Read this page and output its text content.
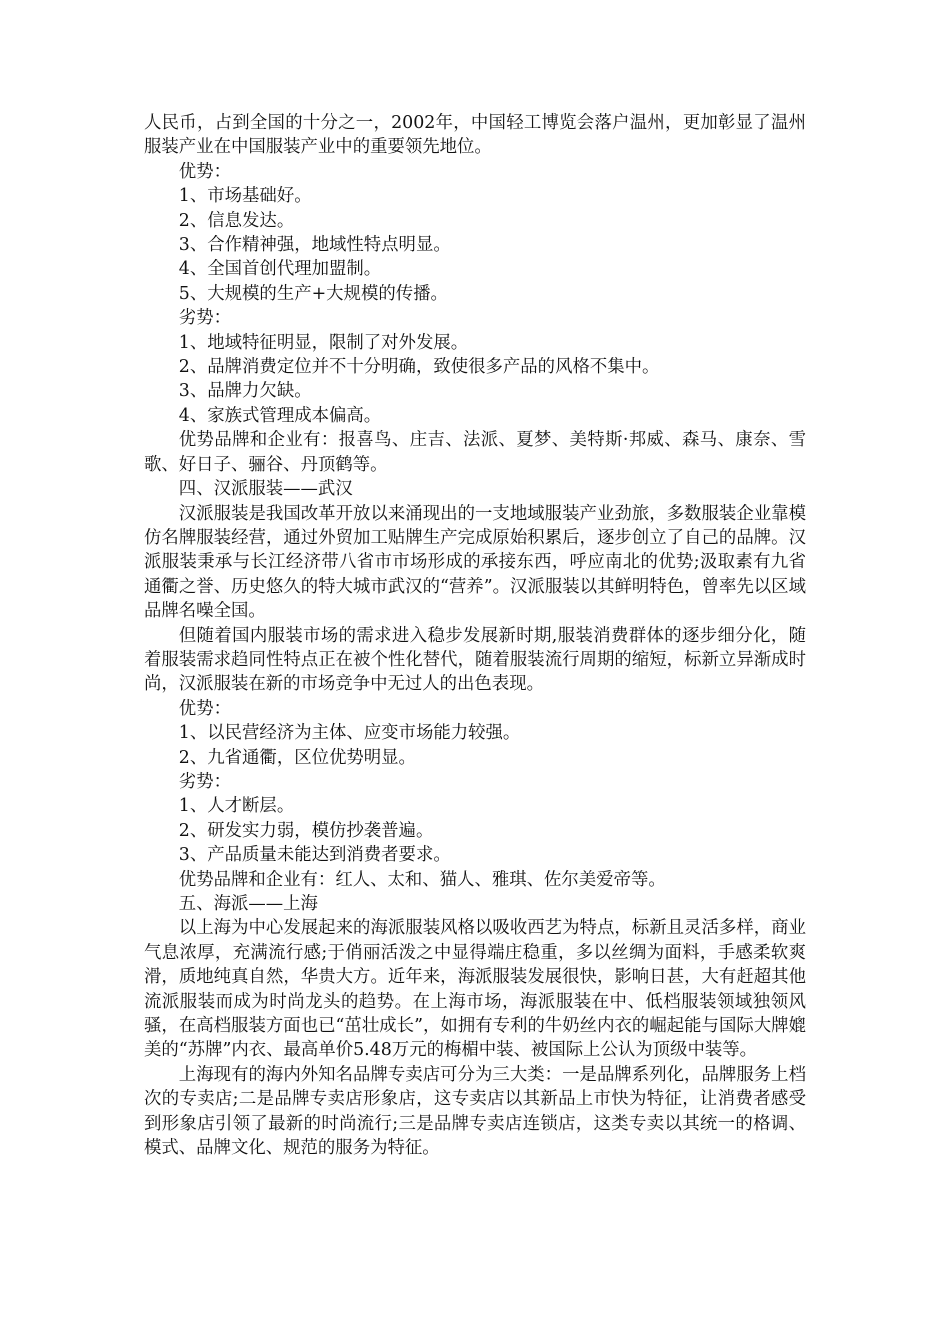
人民币，占到全国的十分之一，2002年，中国轻工博览会落户温州，更加彰显了温州服装产业在中国服装产业中的重要领先地位。

优势：

1、市场基础好。

2、信息发达。

3、合作精神强，地域性特点明显。

4、全国首创代理加盟制。

5、大规模的生产+大规模的传播。

劣势：

1、地域特征明显，限制了对外发展。

2、品牌消费定位并不十分明确，致使很多产品的风格不集中。

3、品牌力欠缺。

4、家族式管理成本偏高。

优势品牌和企业有：报喜鸟、庄吉、法派、夏梦、美特斯·邦威、森马、康奈、雪歌、好日子、骊谷、丹顶鹤等。

四、汉派服装——武汉

汉派服装是我国改革开放以来涌现出的一支地域服装产业劲旅，多数服装企业靠模仿名牌服装经营，通过外贸加工贴牌生产完成原始积累后，逐步创立了自己的品牌。汉派服装秉承与长江经济带八省市市场形成的承接东西，呼应南北的优势;汲取素有九省通衢之誉、历史悠久的特大城市武汉的“营养”。汉派服装以其鲜明特色，曾率先以区域品牌名噪全国。

但随着国内服装市场的需求进入稳步发展新时期,服装消费群体的逐步细分化，随着服装需求趋同性特点正在被个性化替代，随着服装流行周期的缩短，标新立异渐成时尚，汉派服装在新的市场竞争中无过人的出色表现。

优势：

1、以民营经济为主体、应变市场能力较强。

2、九省通衢，区位优势明显。

劣势：

1、人才断层。

2、研发实力弱，模仿抄袭普遍。

3、产品质量未能达到消费者要求。

优势品牌和企业有：红人、太和、猫人、雅琪、佐尔美爱帝等。

五、海派——上海

以上海为中心发展起来的海派服装风格以吸收西艺为特点，标新且灵活多样，商业气息浓厚，充满流行感;于俏丽活泼之中显得端庄稳重，多以丝绸为面料，手感柔软爽滑，质地纯真自然，华贵大方。近年来，海派服装发展很快，影响日甚，大有赶超其他流派服装而成为时尚龙头的趋势。在上海市场，海派服装在中、低档服装领域独领风骚，在高档服装方面也已“茁壮成长”，如拥有专利的牛奶丝内衣的崛起能与国际大牌媲美的“苏牌”内衣、最高单价5.48万元的梅楣中装、被国际上公认为顶级中装等。

上海现有的海内外知名品牌专卖店可分为三大类：一是品牌系列化，品牌服务上档次的专卖店;二是品牌专卖店形象店，这专卖店以其新品上市快为特征，让消费者感受到形象店引领了最新的时尚流行;三是品牌专卖店连锁店，这类专卖以其统一的格调、模式、品牌文化、规范的服务为特征。
